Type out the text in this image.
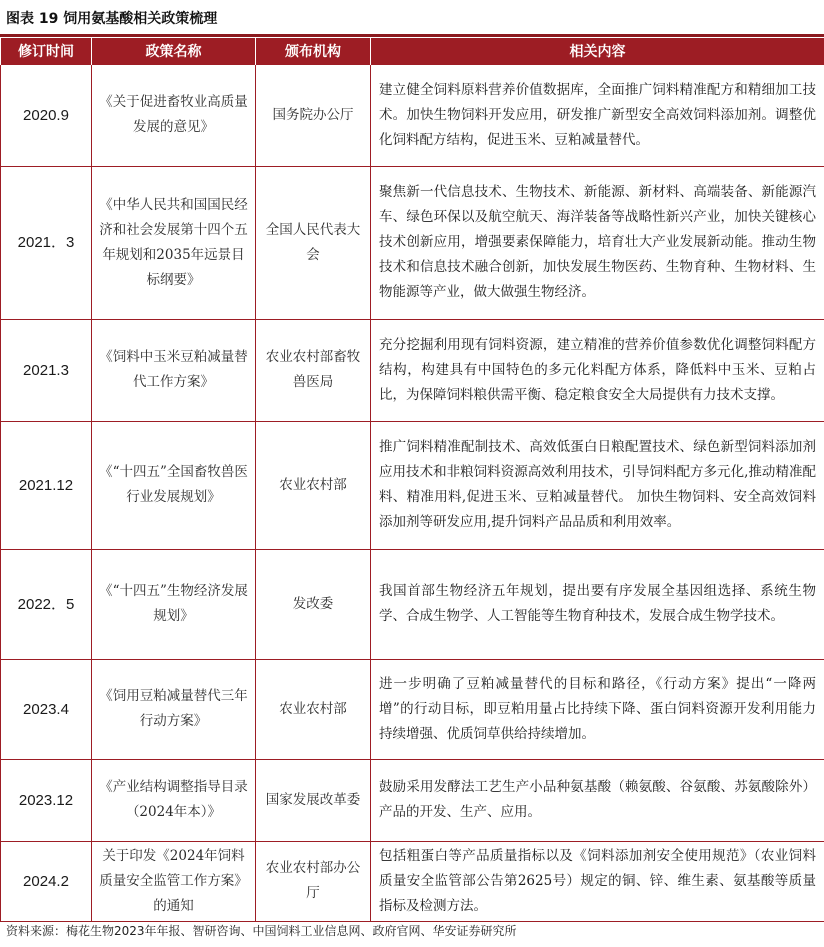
图表 19 饲用氨基酸相关政策梳理
修订时间	政策名称	颁布机构	相关内容
2020.9	《关于促进畜牧业高质量发展的意见》	国务院办公厅	建立健全饲料原料营养价值数据库，全面推广饲料精准配方和精细加工技术。加快生物饲料开发应用，研发推广新型安全高效饲料添加剂。调整优化饲料配方结构，促进玉米、豆粕减量替代。
2021．3	《中华人民共和国国民经济和社会发展第十四个五年规划和2035年远景目标纲要》	全国人民代表大会	聚焦新一代信息技术、生物技术、新能源、新材料、高端装备、新能源汽车、绿色环保以及航空航天、海洋装备等战略性新兴产业，加快关键核心技术创新应用，增强要素保障能力，培育壮大产业发展新动能。推动生物技术和信息技术融合创新，加快发展生物医药、生物育种、生物材料、生物能源等产业，做大做强生物经济。
2021.3	《饲料中玉米豆粕减量替代工作方案》	农业农村部畜牧兽医局	充分挖掘利用现有饲料资源，建立精准的营养价值参数优化调整饲料配方结构，构建具有中国特色的多元化料配方体系，降低料中玉米、豆粕占比，为保障饲料粮供需平衡、稳定粮食安全大局提供有力技术支撑。
2021.12	《“十四五”全国畜牧兽医行业发展规划》	农业农村部	推广饲料精准配制技术、高效低蛋白日粮配置技术、绿色新型饲料添加剂应用技术和非粮饲料资源高效利用技术，引导饲料配方多元化,推动精准配料、精准用料,促进玉米、豆粕减量替代。 加快生物饲料、安全高效饲料添加剂等研发应用,提升饲料产品品质和利用效率。
2022．5	《“十四五”生物经济发展规划》	发改委	我国首部生物经济五年规划，提出要有序发展全基因组选择、系统生物学、合成生物学、人工智能等生物育种技术，发展合成生物学技术。
2023.4	《饲用豆粕减量替代三年行动方案》	农业农村部	进一步明确了豆粕减量替代的目标和路径，《行动方案》提出“一降两增”的行动目标，即豆粕用量占比持续下降、蛋白饲料资源开发利用能力持续增强、优质饲草供给持续增加。
2023.12	《产业结构调整指导目录（2024年本）》	国家发展改革委	鼓励采用发酵法工艺生产小品种氨基酸（赖氨酸、谷氨酸、苏氨酸除外）产品的开发、生产、应用。
2024.2	关于印发《2024年饲料质量安全监管工作方案》的通知	农业农村部办公厅	包括粗蛋白等产品质量指标以及《饲料添加剂安全使用规范》（农业饲料质量安全监管部公告第2625号）规定的铜、锌、维生素、氨基酸等质量指标及检测方法。
资料来源：梅花生物2023年年报、智研咨询、中国饲料工业信息网、政府官网、华安证券研究所
